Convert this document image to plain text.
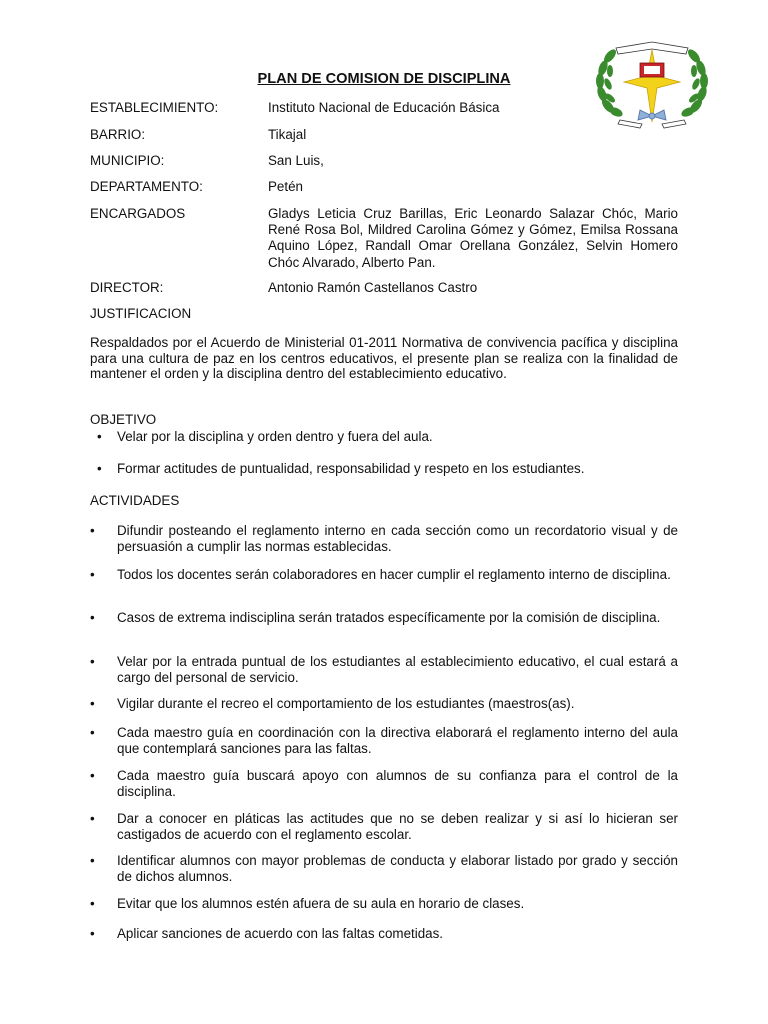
PLAN DE COMISION DE DISCIPLINA
ESTABLECIMIENTO:	Instituto Nacional de Educación Básica
BARRIO:	Tikajal
MUNICIPIO:	San Luis,
DEPARTAMENTO:	Petén
ENCARGADOS	Gladys Leticia Cruz Barillas, Eric Leonardo Salazar Chóc, Mario René Rosa Bol, Mildred Carolina Gómez y Gómez, Emilsa Rossana Aquino López, Randall Omar Orellana González, Selvin Homero Chóc Alvarado, Alberto Pan.
DIRECTOR:	Antonio Ramón Castellanos Castro
JUSTIFICACION
Respaldados por el Acuerdo de Ministerial 01-2011 Normativa de convivencia pacífica y disciplina para una cultura de paz en los centros educativos, el presente plan se realiza con la finalidad de mantener el orden y la disciplina dentro del establecimiento educativo.
OBJETIVO
• Velar por la disciplina y orden dentro y fuera del aula.
• Formar actitudes de puntualidad, responsabilidad y respeto en los estudiantes.
ACTIVIDADES
• Difundir posteando el reglamento interno en cada sección como un recordatorio visual y de persuasión a cumplir las normas establecidas.
• Todos los docentes serán colaboradores en hacer cumplir el reglamento interno de disciplina.
• Casos de extrema indisciplina serán tratados específicamente por la comisión de disciplina.
• Velar por la entrada puntual de los estudiantes al establecimiento educativo, el cual estará a cargo del personal de servicio.
• Vigilar durante el recreo el comportamiento de los estudiantes (maestros(as).
• Cada maestro guía en coordinación con la directiva elaborará el reglamento interno del aula que contemplará sanciones para las faltas.
• Cada maestro guía buscará apoyo con alumnos de su confianza para el control de la disciplina.
• Dar a conocer en pláticas las actitudes que no se deben realizar y si así lo hicieran ser castigados de acuerdo con el reglamento escolar.
• Identificar alumnos con mayor problemas de conducta y elaborar listado por grado y sección de dichos alumnos.
• Evitar que los alumnos estén afuera de su aula en horario de clases.
• Aplicar sanciones de acuerdo con las faltas cometidas.
